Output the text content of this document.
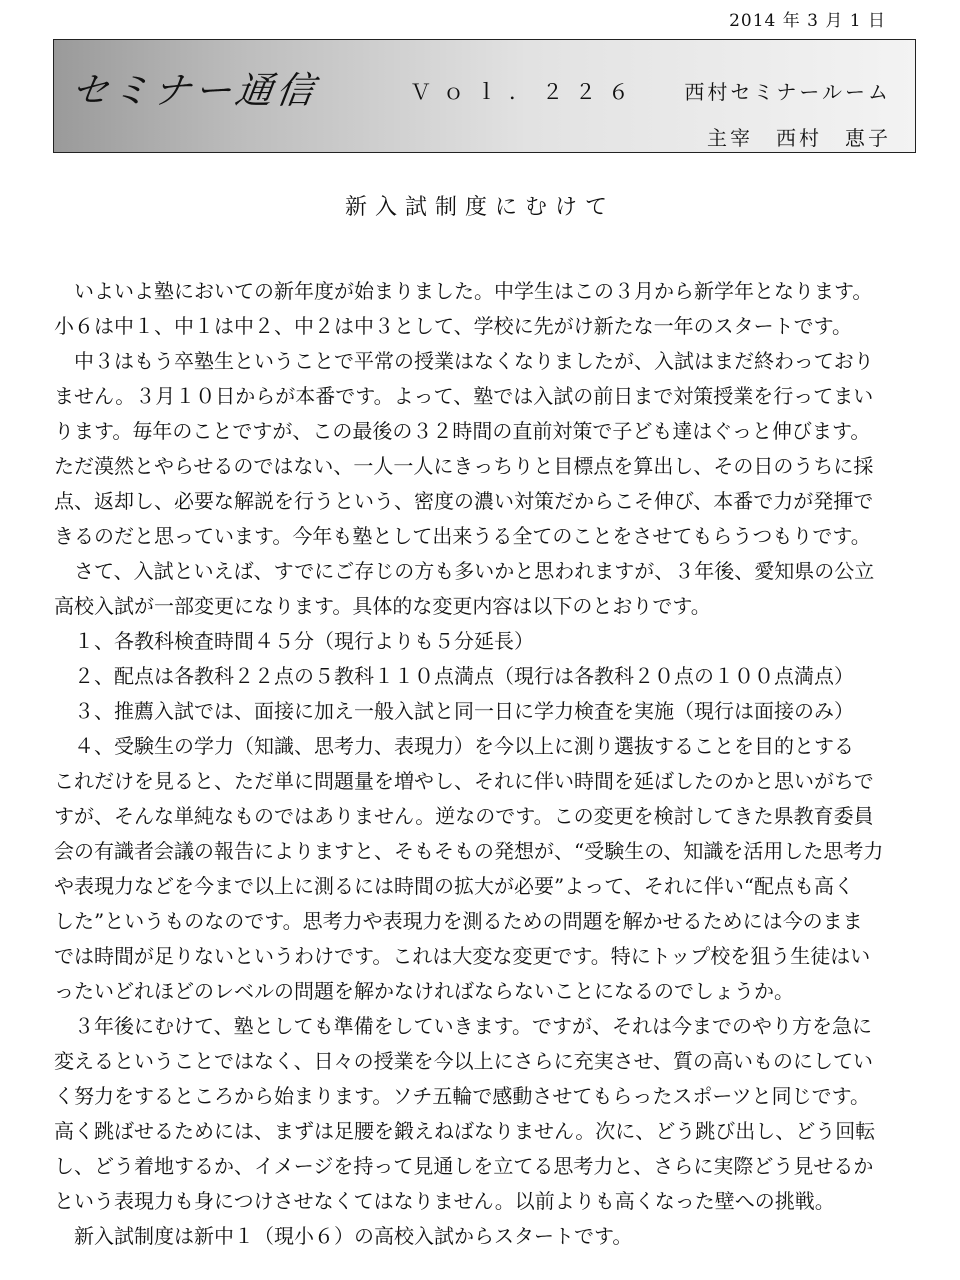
2014 年 3 月 1 日
セミナー通信	Ｖｏｌ．２２６ 西村セミナールーム
主宰　西村　恵子
新入試制度にむけて
いよいよ塾においての新年度が始まりました。中学生はこの３月から新学年となります。
小６は中１、中１は中２、中２は中３として、学校に先がけ新たな一年のスタートです。
中３はもう卒塾生ということで平常の授業はなくなりましたが、入試はまだ終わっており
ません。３月１０日からが本番です。よって、塾では入試の前日まで対策授業を行ってまい
ります。毎年のことですが、この最後の３２時間の直前対策で子ども達はぐっと伸びます。
ただ漠然とやらせるのではない、一人一人にきっちりと目標点を算出し、その日のうちに採
点、返却し、必要な解説を行うという、密度の濃い対策だからこそ伸び、本番で力が発揮で
きるのだと思っています。今年も塾として出来うる全てのことをさせてもらうつもりです。
さて、入試といえば、すでにご存じの方も多いかと思われますが、３年後、愛知県の公立
高校入試が一部変更になります。具体的な変更内容は以下のとおりです。
１、各教科検査時間４５分（現行よりも５分延長）
２、配点は各教科２２点の５教科１１０点満点（現行は各教科２０点の１００点満点）
３、推薦入試では、面接に加え一般入試と同一日に学力検査を実施（現行は面接のみ）
４、受験生の学力（知識、思考力、表現力）を今以上に測り選抜することを目的とする
これだけを見ると、ただ単に問題量を増やし、それに伴い時間を延ばしたのかと思いがちで
すが、そんな単純なものではありません。逆なのです。この変更を検討してきた県教育委員
会の有識者会議の報告によりますと、そもそもの発想が、“受験生の、知識を活用した思考力
や表現力などを今まで以上に測るには時間の拡大が必要”よって、それに伴い“配点も高く
した”というものなのです。思考力や表現力を測るための問題を解かせるためには今のまま
では時間が足りないというわけです。これは大変な変更です。特にトップ校を狙う生徒はい
ったいどれほどのレベルの問題を解かなければならないことになるのでしょうか。
３年後にむけて、塾としても準備をしていきます。ですが、それは今までのやり方を急に
変えるということではなく、日々の授業を今以上にさらに充実させ、質の高いものにしてい
く努力をするところから始まります。ソチ五輪で感動させてもらったスポーツと同じです。
高く跳ばせるためには、まずは足腰を鍛えねばなりません。次に、どう跳び出し、どう回転
し、どう着地するか、イメージを持って見通しを立てる思考力と、さらに実際どう見せるか
という表現力も身につけさせなくてはなりません。以前よりも高くなった壁への挑戦。
新入試制度は新中１（現小６）の高校入試からスタートです。
